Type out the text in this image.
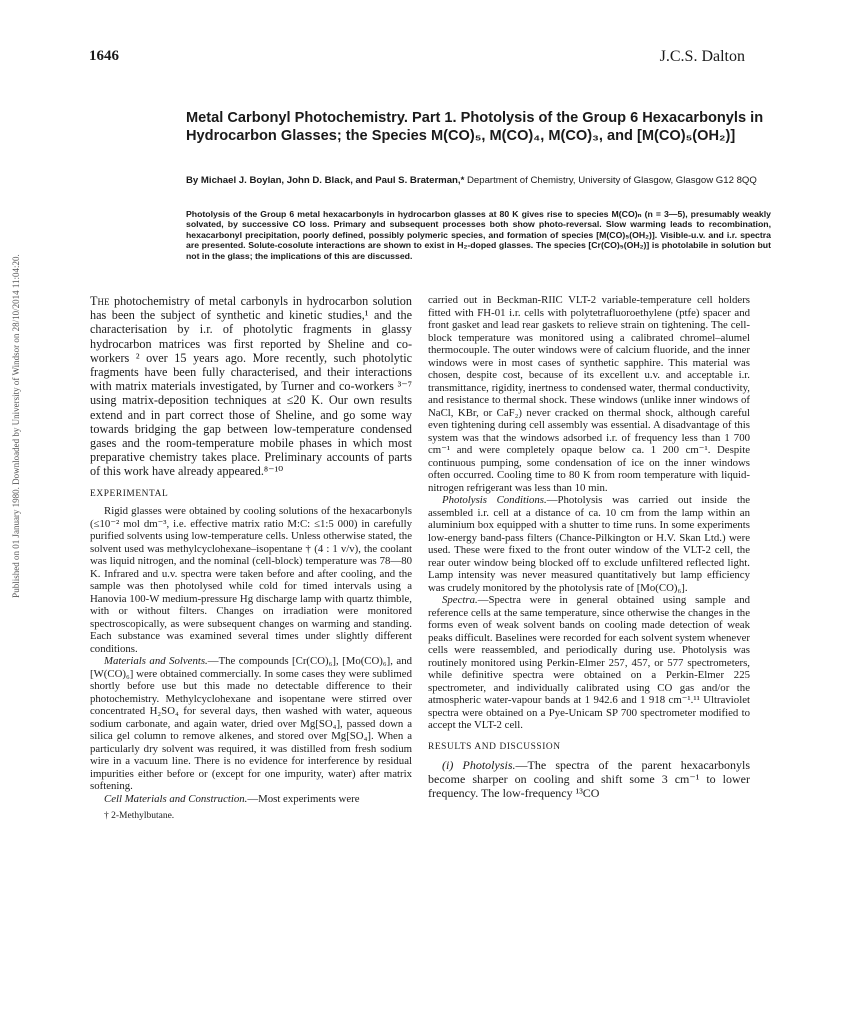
Published on 01 January 1980. Downloaded by University of Windsor on 28/10/2014 11:04:20.
1646	J.C.S. Dalton
Metal Carbonyl Photochemistry. Part 1. Photolysis of the Group 6 Hexacarbonyls in Hydrocarbon Glasses; the Species M(CO)₅, M(CO)₄, M(CO)₃, and [M(CO)₅(OH₂)]
By Michael J. Boylan, John D. Black, and Paul S. Braterman,* Department of Chemistry, University of Glasgow, Glasgow G12 8QQ
Photolysis of the Group 6 metal hexacarbonyls in hydrocarbon glasses at 80 K gives rise to species M(CO)ₙ (n = 3—5), presumably weakly solvated, by successive CO loss. Primary and subsequent processes both show photo-reversal. Slow warming leads to recombination, hexacarbonyl precipitation, poorly defined, possibly polymeric species, and formation of species [M(CO)₅(OH₂)]. Visible-u.v. and i.r. spectra are presented. Solute-cosolute interactions are shown to exist in H₂-doped glasses. The species [Cr(CO)₅(OH₂)] is photolabile in solution but not in the glass; the implications of this are discussed.

The photochemistry of metal carbonyls in hydrocarbon solution has been the subject of synthetic and kinetic studies,¹ and the characterisation by i.r. of photolytic fragments in glassy hydrocarbon matrices was first reported by Sheline and co-workers ² over 15 years ago. More recently, such photolytic fragments have been fully characterised, and their interactions with matrix materials investigated, by Turner and co-workers ³⁻⁷ using matrix-deposition techniques at ≤20 K. Our own results extend and in part correct those of Sheline, and go some way towards bridging the gap between low-temperature condensed gases and the room-temperature mobile phases in which most preparative chemistry takes place. Preliminary accounts of parts of this work have already appeared.⁸⁻¹⁰

EXPERIMENTAL

Rigid glasses were obtained by cooling solutions of the hexacarbonyls (≤10⁻² mol dm⁻³, i.e. effective matrix ratio M:C: ≤1:5 000) in carefully purified solvents using low-temperature cells. Unless otherwise stated, the solvent used was methylcyclohexane–isopentane † (4 : 1 v/v), the coolant was liquid nitrogen, and the nominal (cell-block) temperature was 78—80 K. Infrared and u.v. spectra were taken before and after cooling, and the sample was then photolysed while cold for timed intervals using a Hanovia 100-W medium-pressure Hg discharge lamp with quartz thimble, with or without filters. Changes on irradiation were monitored spectroscopically, as were subsequent changes on warming and standing. Each substance was examined several times under slightly different conditions.

Materials and Solvents.—The compounds [Cr(CO)₆], [Mo(CO)₆], and [W(CO)₆] were obtained commercially. In some cases they were sublimed shortly before use but this made no detectable difference to their photochemistry. Methylcyclohexane and isopentane were stirred over concentrated H₂SO₄ for several days, then washed with water, aqueous sodium carbonate, and again water, dried over Mg[SO₄], passed down a silica gel column to remove alkenes, and stored over Mg[SO₄]. When a particularly dry solvent was required, it was distilled from fresh sodium wire in a vacuum line. There is no evidence for interference by residual impurities either before or (except for one impurity, water) after matrix softening.

Cell Materials and Construction.—Most experiments were

† 2-Methylbutane.

carried out in Beckman-RIIC VLT-2 variable-temperature cell holders fitted with FH-01 i.r. cells with polytetrafluoroethylene (ptfe) spacer and front gasket and lead rear gaskets to relieve strain on tightening. The cell-block temperature was monitored using a calibrated chromel–alumel thermocouple. The outer windows were of calcium fluoride, and the inner windows were in most cases of synthetic sapphire. This material was chosen, despite cost, because of its excellent u.v. and acceptable i.r. transmittance, rigidity, inertness to condensed water, thermal conductivity, and resistance to thermal shock. These windows (unlike inner windows of NaCl, KBr, or CaF₂) never cracked on thermal shock, although careful even tightening during cell assembly was essential. A disadvantage of this system was that the windows adsorbed i.r. of frequency less than 1 700 cm⁻¹ and were completely opaque below ca. 1 200 cm⁻¹. Despite continuous pumping, some condensation of ice on the inner windows often occurred. Cooling time to 80 K from room temperature with liquid-nitrogen refrigerant was less than 10 min.

Photolysis Conditions.—Photolysis was carried out inside the assembled i.r. cell at a distance of ca. 10 cm from the lamp within an aluminium box equipped with a shutter to time runs. In some experiments low-energy band-pass filters (Chance-Pilkington or H.V. Skan Ltd.) were used. These were fixed to the front outer window of the VLT-2 cell, the rear outer window being blocked off to exclude unfiltered reflected light. Lamp intensity was never measured quantitatively but lamp efficiency was crudely monitored by the photolysis rate of [Mo(CO)₆].

Spectra.—Spectra were in general obtained using sample and reference cells at the same temperature, since otherwise the changes in the forms even of weak solvent bands on cooling made detection of weak peaks difficult. Baselines were recorded for each solvent system whenever cells were reassembled, and periodically during use. Photolysis was routinely monitored using Perkin-Elmer 257, 457, or 577 spectrometers, while definitive spectra were obtained on a Perkin-Elmer 225 spectrometer, and individually calibrated using CO gas and/or the atmospheric water-vapour bands at 1 942.6 and 1 918 cm⁻¹.¹¹ Ultraviolet spectra were obtained on a Pye-Unicam SP 700 spectrometer modified to accept the VLT-2 cell.

RESULTS AND DISCUSSION

(i) Photolysis.—The spectra of the parent hexacarbonyls become sharper on cooling and shift some 3 cm⁻¹ to lower frequency. The low-frequency ¹³CO
